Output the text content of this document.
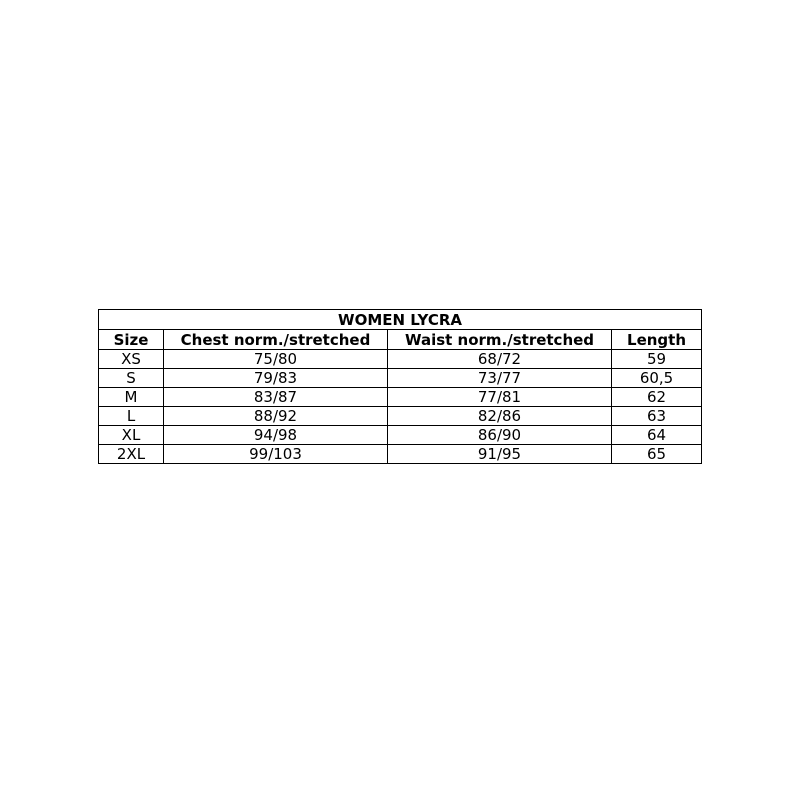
WOMEN LYCRA			
Size	Chest norm./stretched	Waist norm./stretched	Length
XS	75/80	68/72	59
S	79/83	73/77	60,5
M	83/87	77/81	62
L	88/92	82/86	63
XL	94/98	86/90	64
2XL	99/103	91/95	65
